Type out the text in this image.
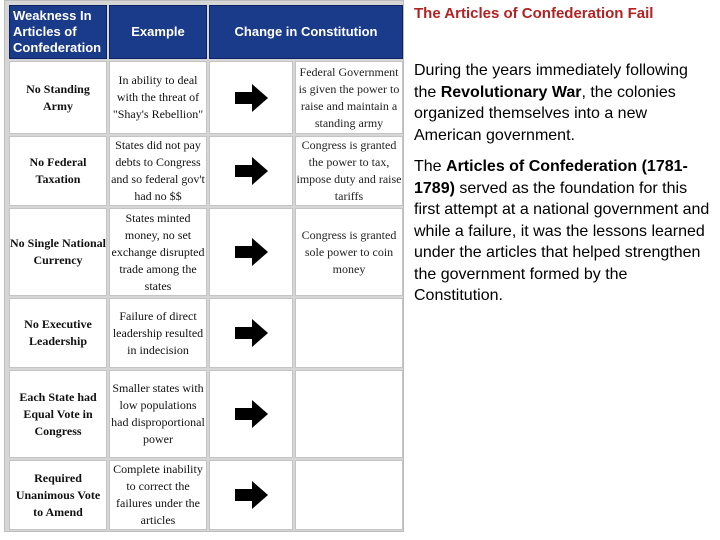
Weakness In Articles of Confederation	Example	Change in Constitution	
No Standing Army	In ability to deal with the threat of "Shay's Rebellion"		Federal Government is given the power to raise and maintain a standing army
No Federal Taxation	States did not pay debts to Congress and so federal gov't had no $$		Congress is granted the power to tax, impose duty and raise tariffs
No Single National Currency	States minted money, no set exchange disrupted trade among the states		Congress is granted sole power to coin money
No Executive Leadership	Failure of direct leadership resulted in indecision	

Each State had Equal Vote in Congress	Smaller states with low populations had disproportional power	

Required Unanimous Vote to Amend	Complete inability to correct the failures under the articles	

The Articles of Confederation Fail

During the years immediately following the Revolutionary War, the colonies organized themselves into a new American government.

The Articles of Confederation (1781-1789) served as the foundation for this first attempt at a national government and while a failure, it was the lessons learned under the articles that helped strengthen the government formed by the Constitution.
